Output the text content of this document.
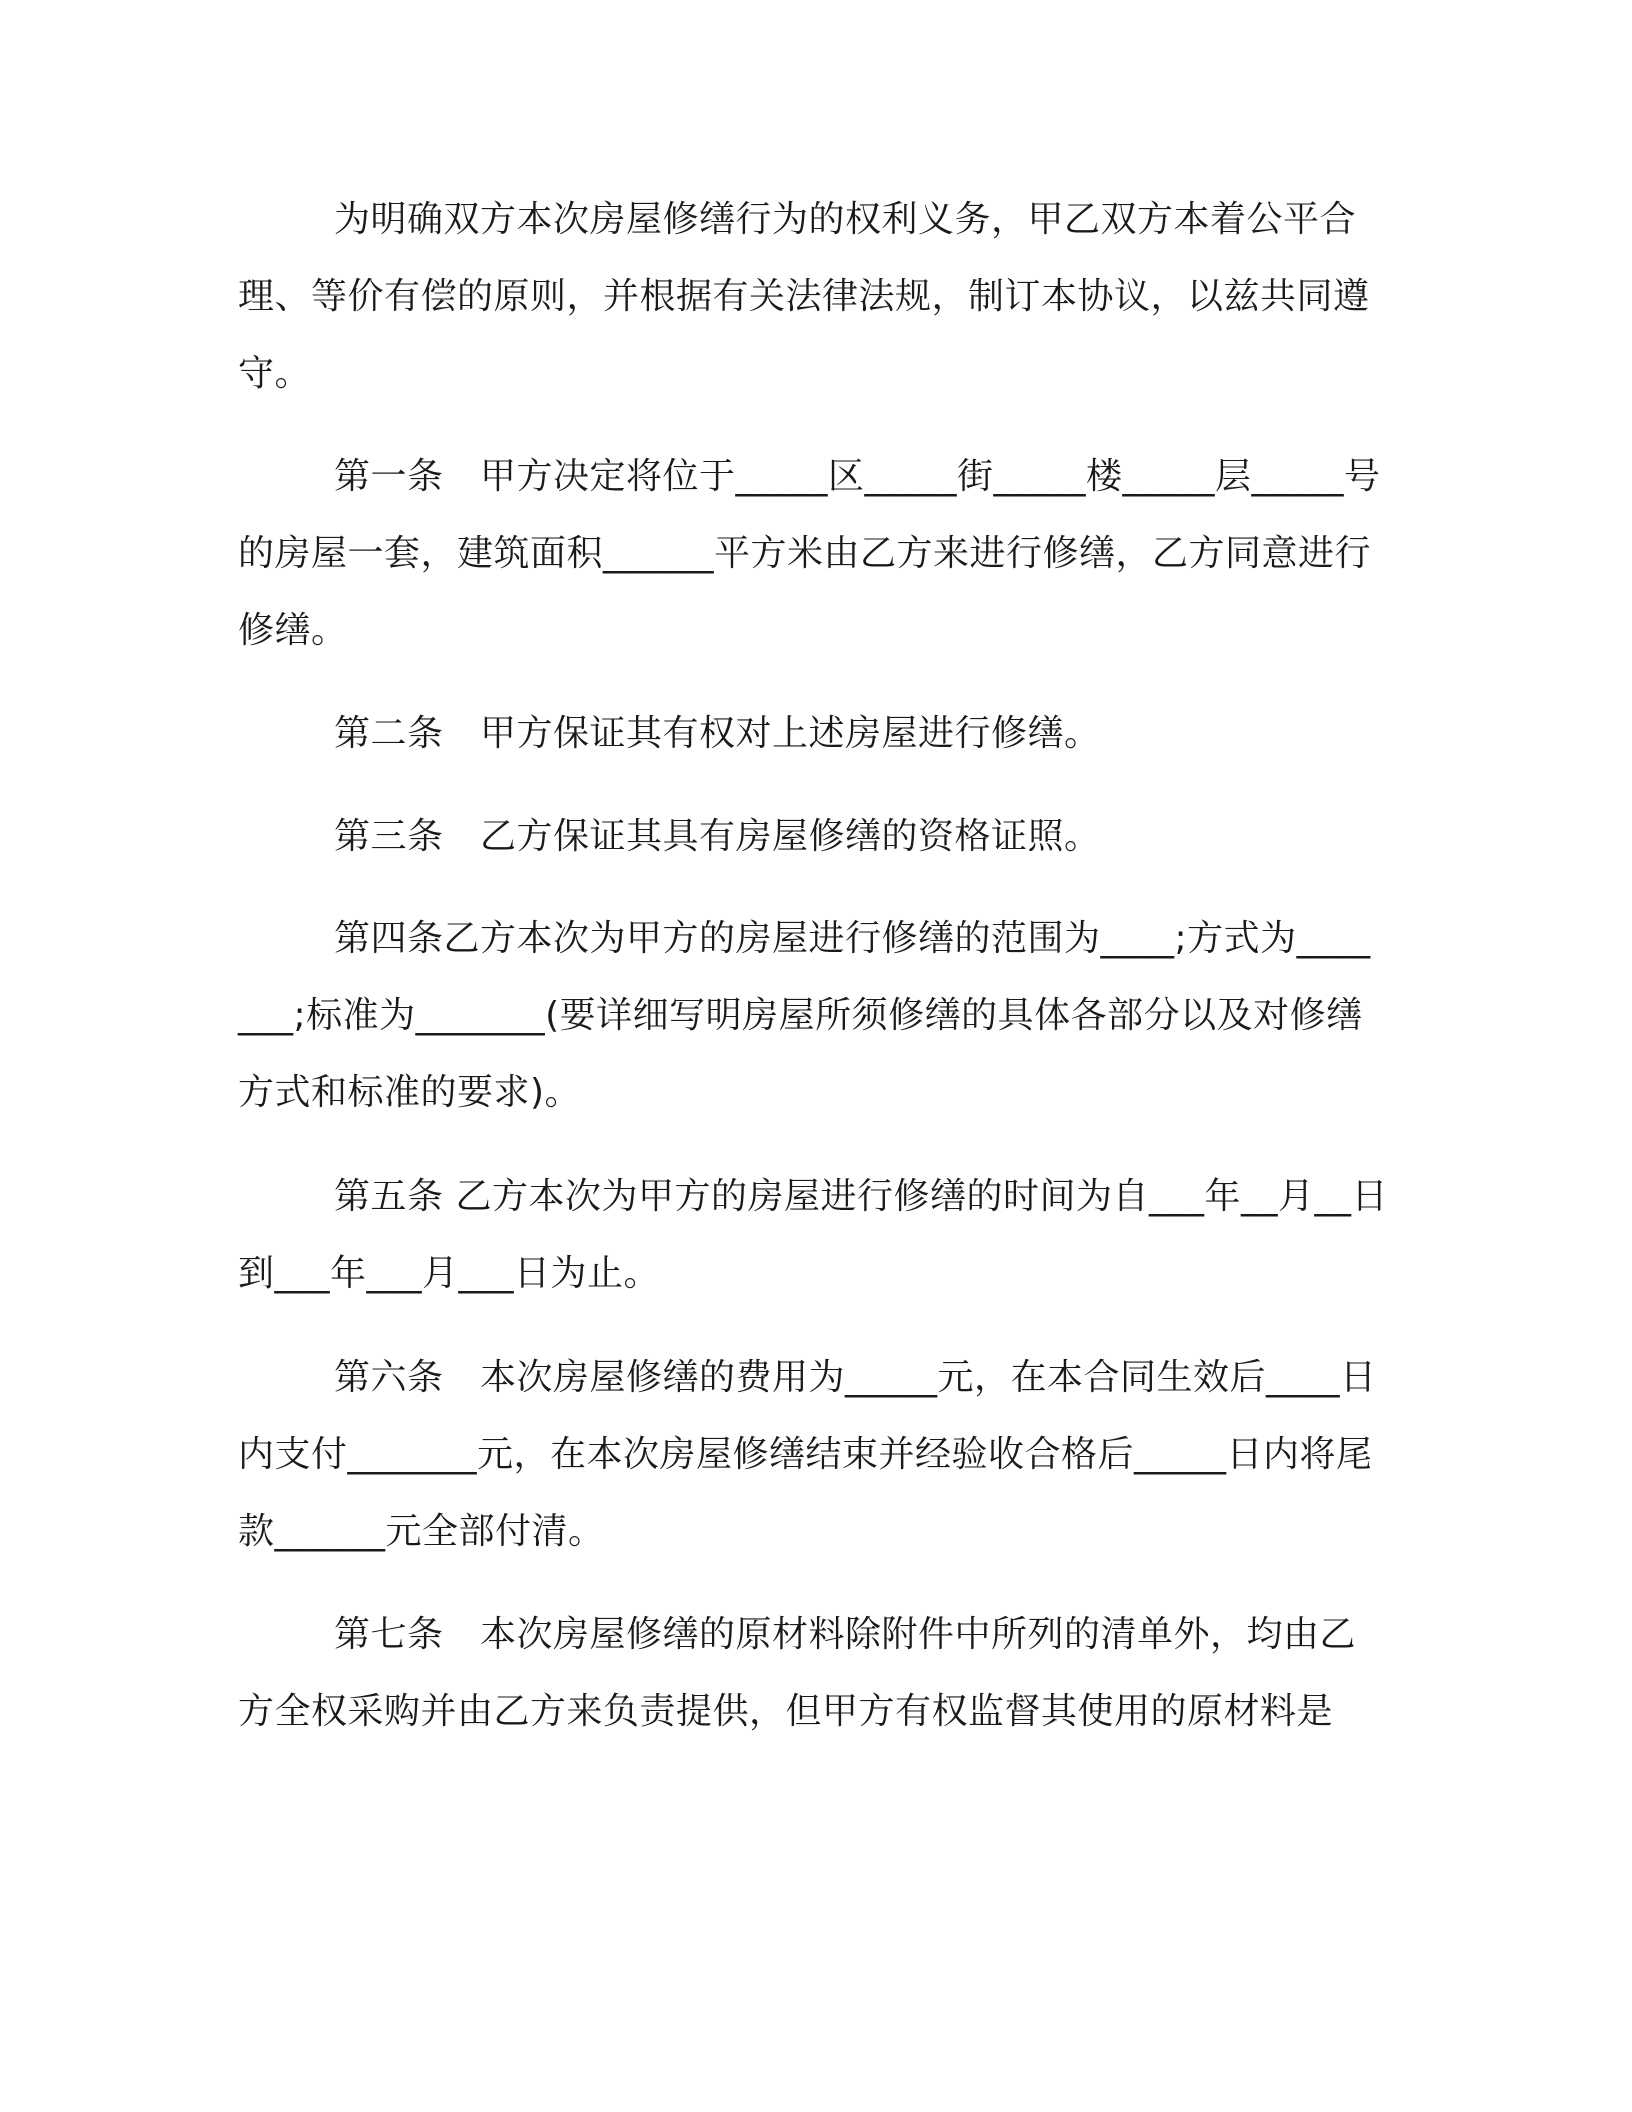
为明确双方本次房屋修缮行为的权利义务，甲乙双方本着公平合理、等价有偿的原则，并根据有关法律法规，制订本协议，以兹共同遵守。

第一条　甲方决定将位于_____区_____街_____楼_____层_____号的房屋一套，建筑面积______平方米由乙方来进行修缮，乙方同意进行修缮。

第二条　甲方保证其有权对上述房屋进行修缮。

第三条　乙方保证其具有房屋修缮的资格证照。

第四条乙方本次为甲方的房屋进行修缮的范围为____;方式为_______;标准为_______(要详细写明房屋所须修缮的具体各部分以及对修缮方式和标准的要求)。

第五条 乙方本次为甲方的房屋进行修缮的时间为自___年__月__日到___年___月___日为止。

第六条　本次房屋修缮的费用为_____元，在本合同生效后____日内支付_______元，在本次房屋修缮结束并经验收合格后_____日内将尾款______元全部付清。

第七条　本次房屋修缮的原材料除附件中所列的清单外，均由乙方全权采购并由乙方来负责提供，但甲方有权监督其使用的原材料是
